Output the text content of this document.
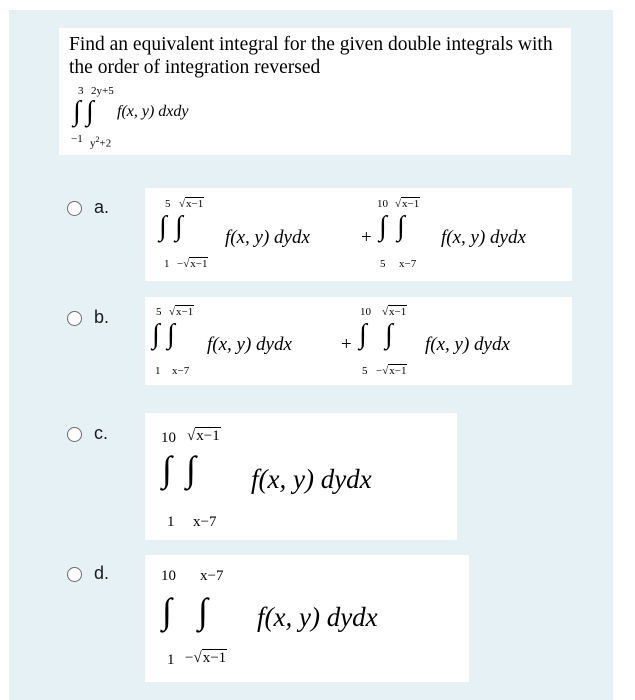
Find an equivalent integral for the given double integrals with the order of integration reversed
3 2y+5
∫ ∫
−1 $y^2+2$
f(x, y) dxdy
a.	5 √x−1
∫ ∫
1 −√x−1
f(x, y) dydx	+
10 √x−1
∫ ∫
5 x−7
f(x, y) dydx
b.	5 √x−1
∫ ∫
1 x−7
f(x, y) dydx	+
10 √x−1
∫ ∫
5 −√x−1
f(x, y) dydx
c.	10 √x−1
∫ ∫
1 x−7
f(x, y) dydx
d.	10 x−7
∫ ∫
1 −√x−1
f(x, y) dydx
